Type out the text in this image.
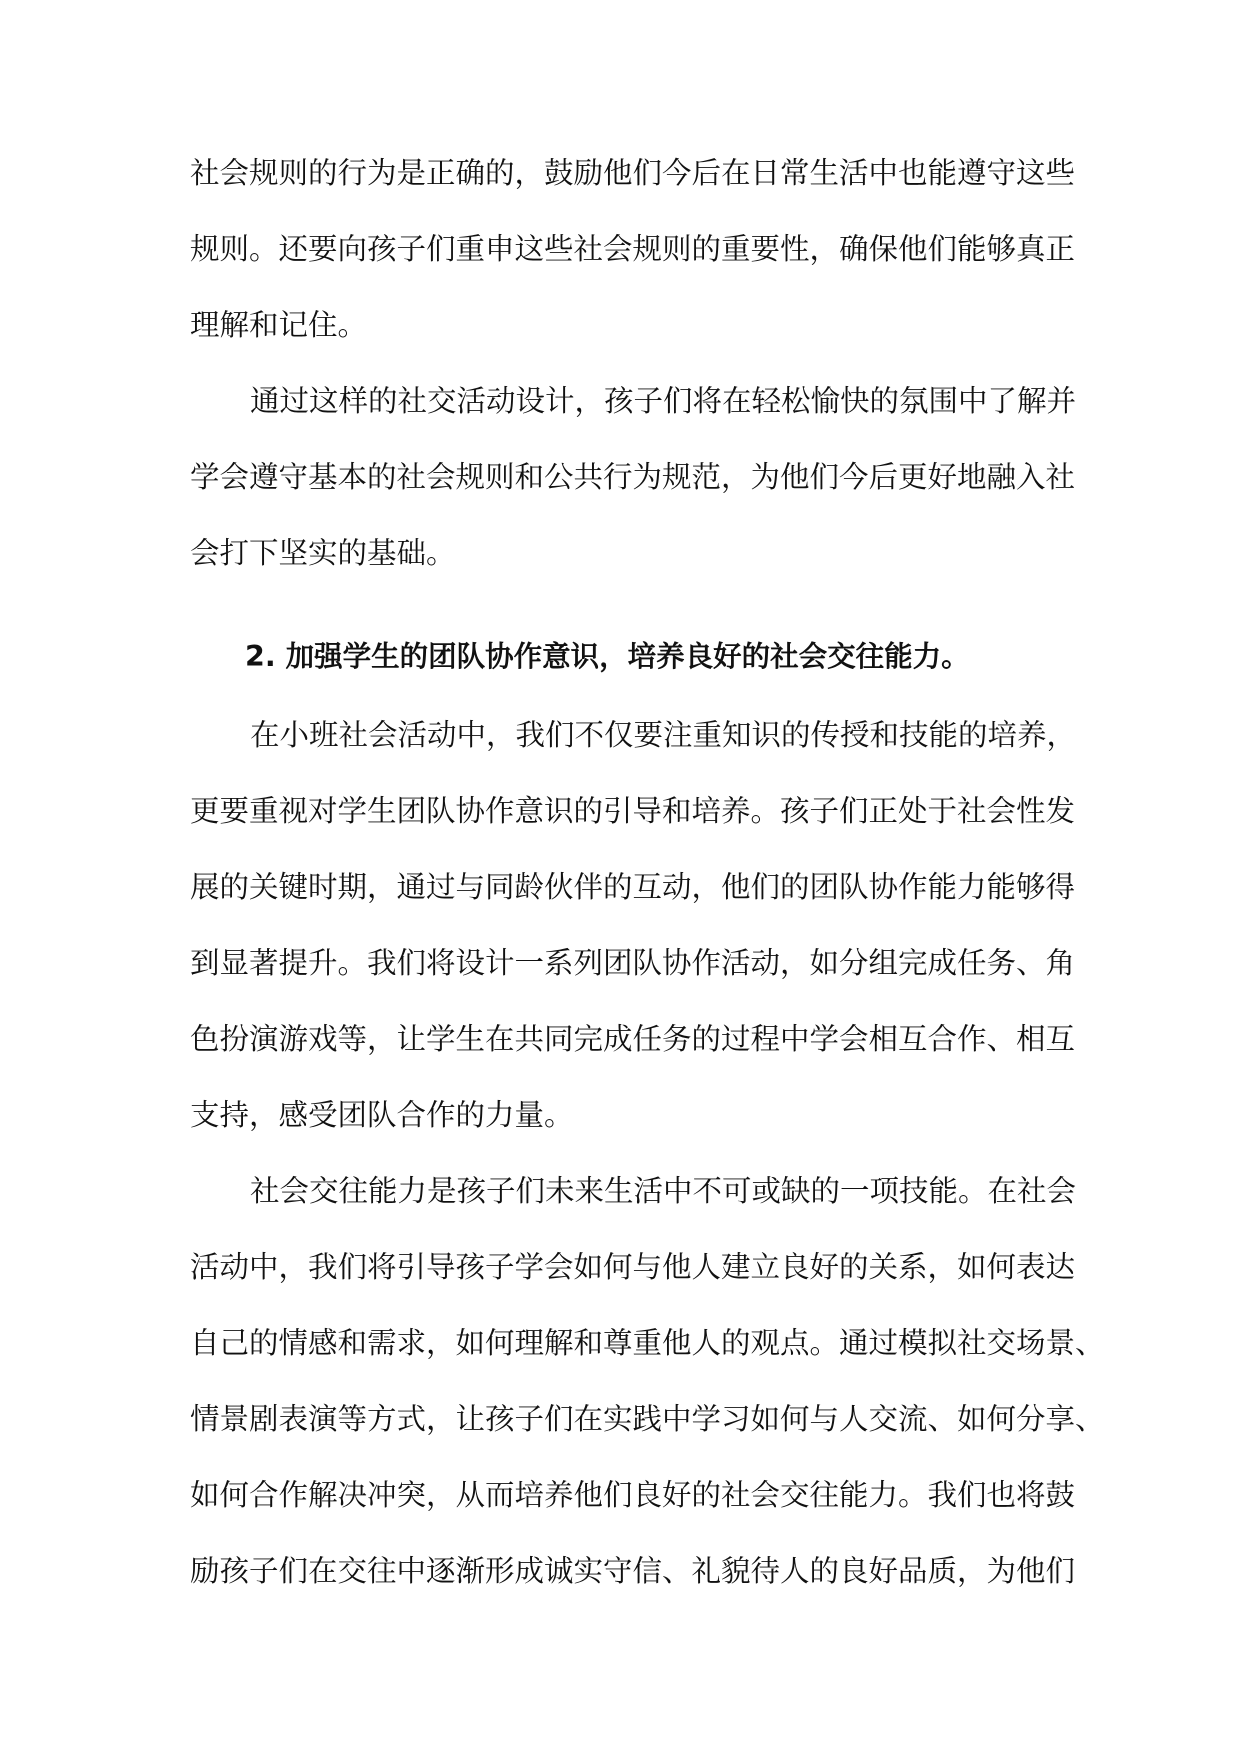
社会规则的行为是正确的，鼓励他们今后在日常生活中也能遵守这些
规则。还要向孩子们重申这些社会规则的重要性，确保他们能够真正
理解和记住。
通过这样的社交活动设计，孩子们将在轻松愉快的氛围中了解并
学会遵守基本的社会规则和公共行为规范，为他们今后更好地融入社
会打下坚实的基础。
2. 加强学生的团队协作意识，培养良好的社会交往能力。
在小班社会活动中，我们不仅要注重知识的传授和技能的培养，
更要重视对学生团队协作意识的引导和培养。孩子们正处于社会性发
展的关键时期，通过与同龄伙伴的互动，他们的团队协作能力能够得
到显著提升。我们将设计一系列团队协作活动，如分组完成任务、角
色扮演游戏等，让学生在共同完成任务的过程中学会相互合作、相互
支持，感受团队合作的力量。
社会交往能力是孩子们未来生活中不可或缺的一项技能。在社会
活动中，我们将引导孩子学会如何与他人建立良好的关系，如何表达
自己的情感和需求，如何理解和尊重他人的观点。通过模拟社交场景、
情景剧表演等方式，让孩子们在实践中学习如何与人交流、如何分享、
如何合作解决冲突，从而培养他们良好的社会交往能力。我们也将鼓
励孩子们在交往中逐渐形成诚实守信、礼貌待人的良好品质，为他们
